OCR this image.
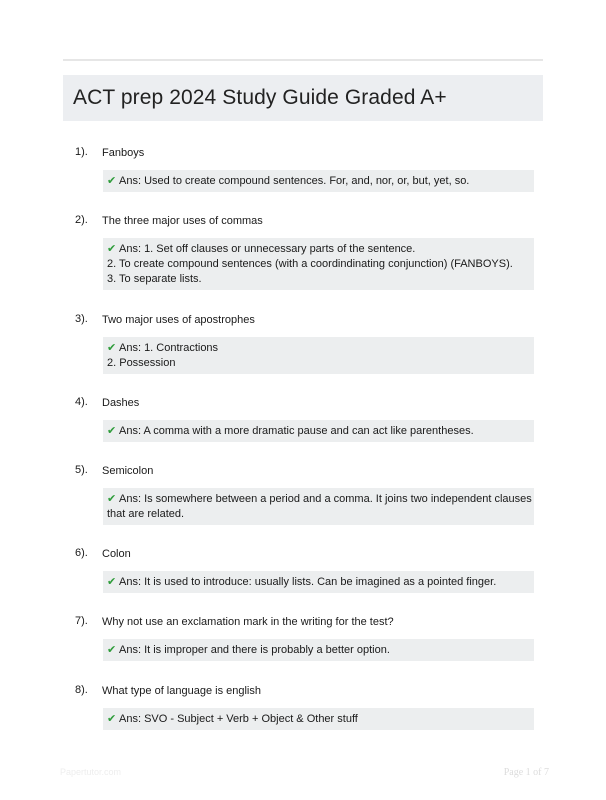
ACT prep 2024 Study Guide Graded A+
1). Fanboys
✔ Ans: Used to create compound sentences. For, and, nor, or, but, yet, so.
2). The three major uses of commas
✔ Ans: 1. Set off clauses or unnecessary parts of the sentence.
2. To create compound sentences (with a coordindinating conjunction) (FANBOYS).
3. To separate lists.
3). Two major uses of apostrophes
✔ Ans: 1. Contractions
2. Possession
4). Dashes
✔ Ans: A comma with a more dramatic pause and can act like parentheses.
5). Semicolon
✔ Ans: Is somewhere between a period and a comma. It joins two independent clauses
that are related.
6). Colon
✔ Ans: It is used to introduce: usually lists. Can be imagined as a pointed finger.
7). Why not use an exclamation mark in the writing for the test?
✔ Ans: It is improper and there is probably a better option.
8). What type of language is english
✔ Ans: SVO - Subject + Verb + Object & Other stuff
Papertutor.com	Page 1 of 7
